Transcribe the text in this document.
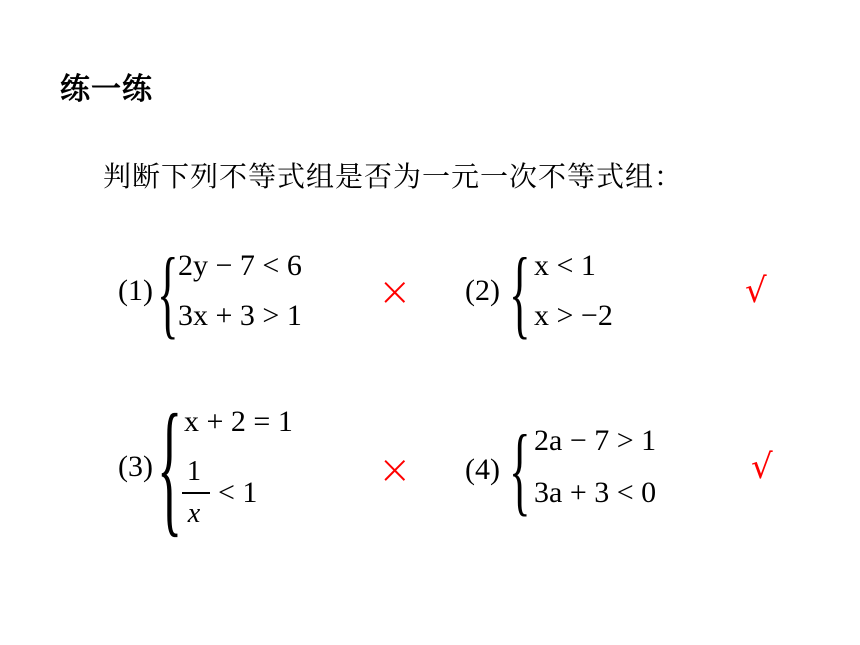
练一练
判断下列不等式组是否为一元一次不等式组：
(1) { 2y − 7 < 6
3x + 3 > 1
× (2) { x < 1
x > −2
√
(3) { x + 2 = 1
1
x
< 1	× (4) { 2a − 7 > 1
3a + 3 < 0
√
